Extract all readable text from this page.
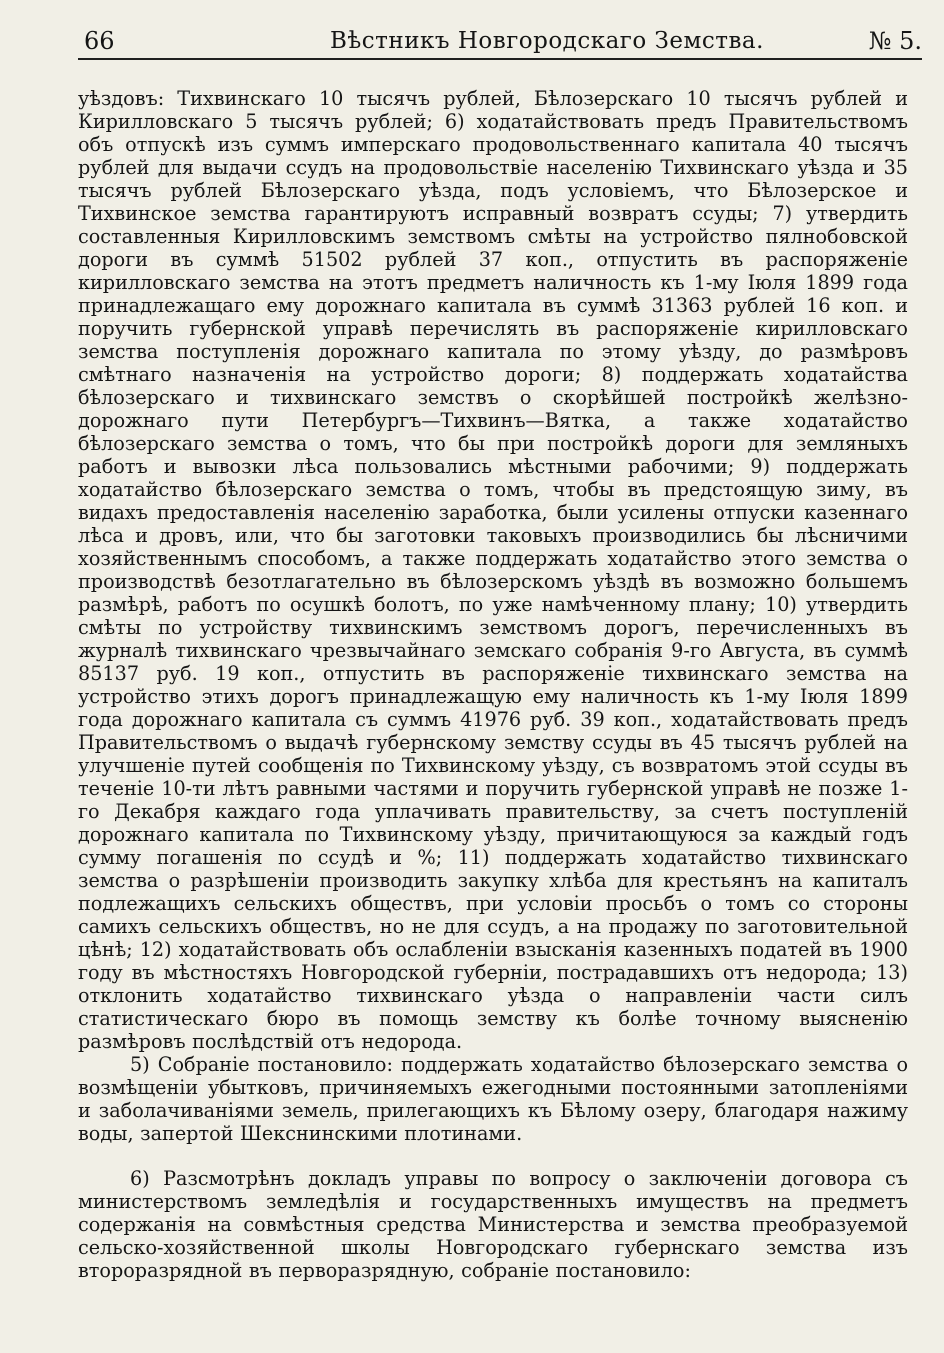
66	Вѣстникъ Новгородскаго Земства.	№ 5.

уѣздовъ: Тихвинскаго 10 тысячъ рублей, Бѣлозерскаго 10 тысячъ рублей и Кирилловскаго 5 тысячъ рублей; 6) ходатайствовать предъ Правительствомъ объ отпускѣ изъ суммъ имперскаго продовольственнаго капитала 40 тысячъ рублей для выдачи ссудъ на продовольствіе населенію Тихвинскаго уѣзда и 35 тысячъ рублей Бѣлозерскаго уѣзда, подъ условіемъ, что Бѣлозерское и Тихвинское земства гарантируютъ исправный возвратъ ссуды; 7) утвердить составленныя Кирилловскимъ земствомъ смѣты на устройство пялнобовской дороги въ суммѣ 51502 рублей 37 коп., отпустить въ распоряженіе кирилловскаго земства на этотъ предметъ наличность къ 1-му Іюля 1899 года принадлежащаго ему дорожнаго капитала въ суммѣ 31363 рублей 16 коп. и поручить губернской управѣ перечислять въ распоряженіе кирилловскаго земства поступленія дорожнаго капитала по этому уѣзду, до размѣровъ смѣтнаго назначенія на устройство дороги; 8) поддержать ходатайства бѣлозерскаго и тихвинскаго земствъ о скорѣйшей постройкѣ желѣзно-дорожнаго пути Петербургъ—Тихвинъ—Вятка, а также ходатайство бѣлозерскаго земства о томъ, что бы при постройкѣ дороги для земляныхъ работъ и вывозки лѣса пользовались мѣстными рабочими; 9) поддержать ходатайство бѣлозерскаго земства о томъ, чтобы въ предстоящую зиму, въ видахъ предоставленія населенію заработка, были усилены отпуски казеннаго лѣса и дровъ, или, что бы заготовки таковыхъ производились бы лѣсничими хозяйственнымъ способомъ, а также поддержать ходатайство этого земства о производствѣ безотлагательно въ бѣлозерскомъ уѣздѣ въ возможно большемъ размѣрѣ, работъ по осушкѣ болотъ, по уже намѣченному плану; 10) утвердить смѣты по устройству тихвинскимъ земствомъ дорогъ, перечисленныхъ въ журналѣ тихвинскаго чрезвычайнаго земскаго собранія 9-го Августа, въ суммѣ 85137 руб. 19 коп., отпустить въ распоряженіе тихвинскаго земства на устройство этихъ дорогъ принадлежащую ему наличность къ 1-му Іюля 1899 года дорожнаго капитала съ суммъ 41976 руб. 39 коп., ходатайствовать предъ Правительствомъ о выдачѣ губернскому земству ссуды въ 45 тысячъ рублей на улучшеніе путей сообщенія по Тихвинскому уѣзду, съ возвратомъ этой ссуды въ теченіе 10-ти лѣтъ равными частями и поручить губернской управѣ не позже 1-го Декабря каждаго года уплачивать правительству, за счетъ поступленій дорожнаго капитала по Тихвинскому уѣзду, причитающуюся за каждый годъ сумму погашенія по ссудѣ и %; 11) поддержать ходатайство тихвинскаго земства о разрѣшеніи производить закупку хлѣба для крестьянъ на капиталъ подлежащихъ сельскихъ обществъ, при условіи просьбъ о томъ со стороны самихъ сельскихъ обществъ, но не для ссудъ, а на продажу по заготовительной цѣнѣ; 12) ходатайствовать объ ослабленіи взысканія казенныхъ податей въ 1900 году въ мѣстностяхъ Новгородской губерніи, пострадавшихъ отъ недорода; 13) отклонить ходатайство тихвинскаго уѣзда о направленіи части силъ статистическаго бюро въ помощь земству къ болѣе точному выясненію размѣровъ послѣдствій отъ недорода.

5) Собраніе постановило: поддержать ходатайство бѣлозерскаго земства о возмѣщеніи убытковъ, причиняемыхъ ежегодными постоянными затопленіями и заболачиваніями земель, прилегающихъ къ Бѣлому озеру, благодаря нажиму воды, запертой Шекснинскими плотинами.

6) Разсмотрѣнъ докладъ управы по вопросу о заключеніи договора съ министерствомъ земледѣлія и государственныхъ имуществъ на предметъ содержанія на совмѣстныя средства Министерства и земства преобразуемой сельско-хозяйственной школы Новгородскаго губернскаго земства изъ второразрядной въ перворазрядную, собраніе постановило:
